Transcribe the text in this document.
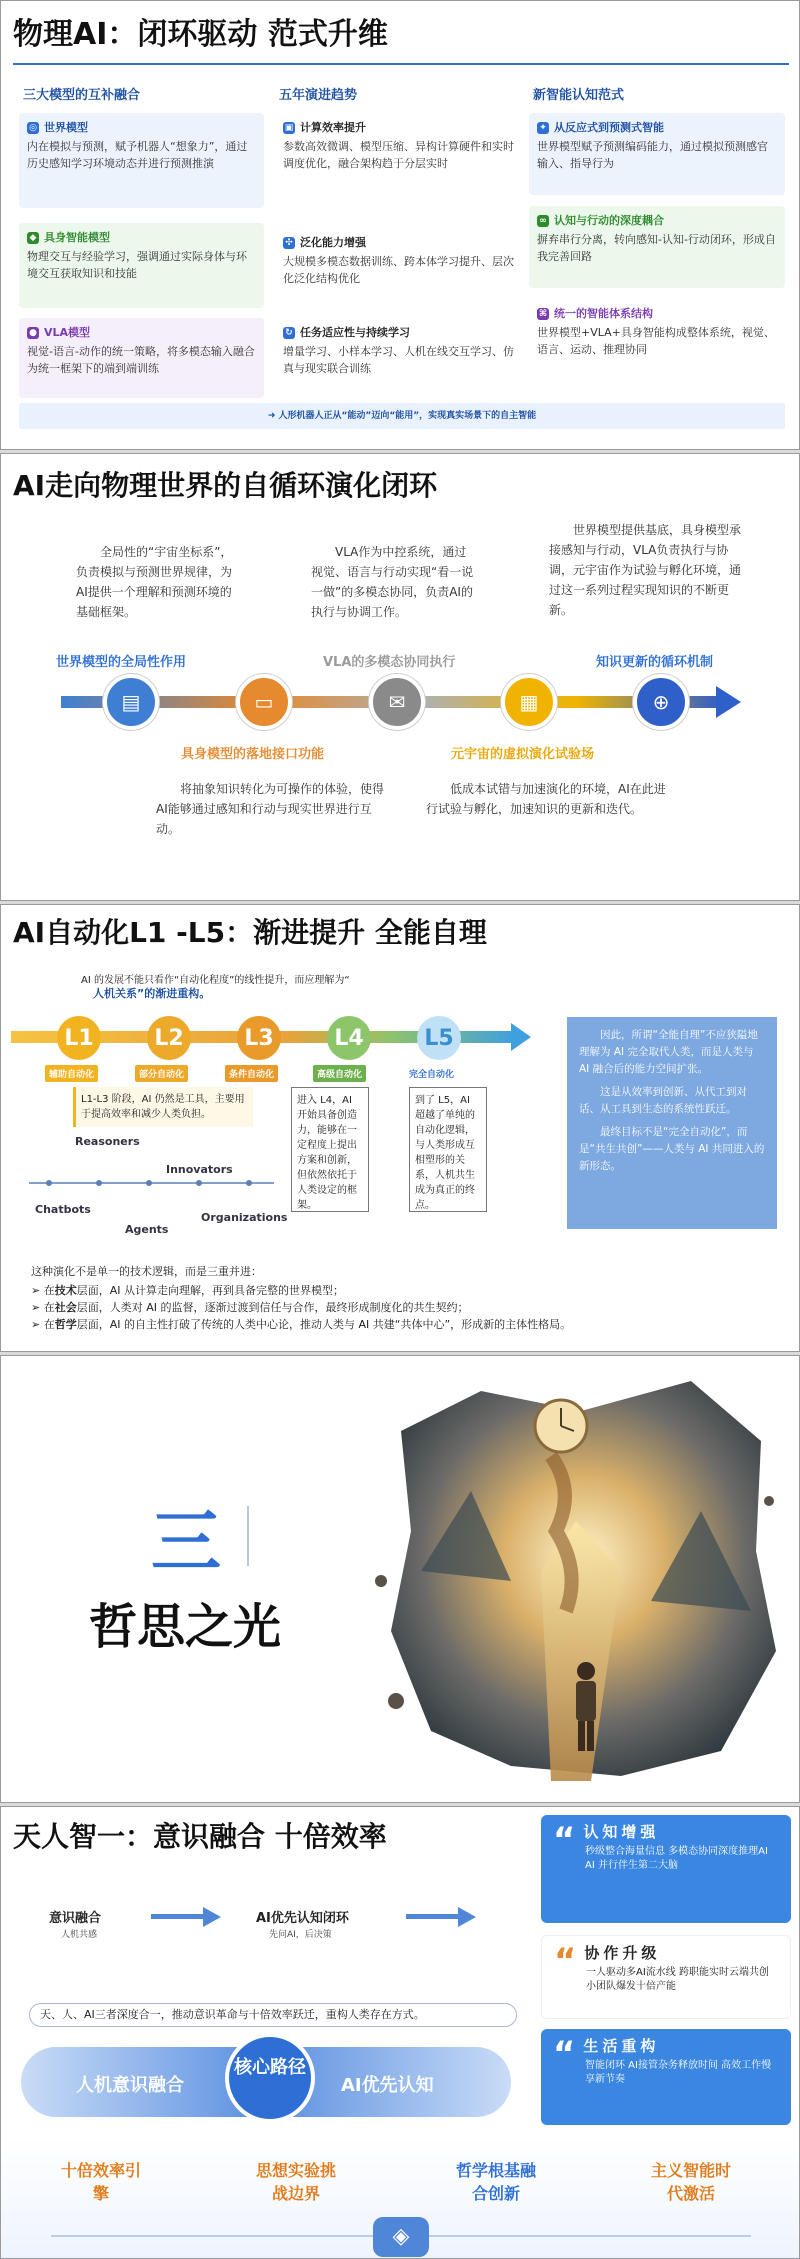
物理AI：闭环驱动 范式升维
三大模型的互补融合	五年演进趋势	新智能认知范式
◎ 世界模型
内在模拟与预测，赋予机器人“想象力”，通过历史感知学习环境动态并进行预测推演
◆ 具身智能模型
物理交互与经验学习，强调通过实际身体与环境交互获取知识和技能
● VLA模型
视觉-语言-动作的统一策略，将多模态输入融合为统一框架下的端到端训练
▣ 计算效率提升
参数高效微调、模型压缩、异构计算硬件和实时调度优化，融合架构趋于分层实时
✣ 泛化能力增强
大规模多模态数据训练、跨本体学习提升、层次化泛化结构优化
↻ 任务适应性与持续学习
增量学习、小样本学习、人机在线交互学习、仿真与现实联合训练
✦ 从反应式到预测式智能
世界模型赋予预测编码能力，通过模拟预测感官输入、指导行为
∞ 认知与行动的深度耦合
摒弃串行分离，转向感知-认知-行动闭环，形成自我完善回路
⌘ 统一的智能体系结构
世界模型+VLA+具身智能构成整体系统，视觉、语言、运动、推理协同
➜ 人形机器人正从“能动”迈向“能用”，实现真实场景下的自主智能
AI走向物理世界的自循环演化闭环
全局性的“宇宙坐标系”，负责模拟与预测世界规律，为AI提供一个理解和预测环境的基础框架。
VLA作为中控系统，通过视觉、语言与行动实现“看一说一做”的多模态协同，负责AI的执行与协调工作。
世界模型提供基底，具身模型承接感知与行动，VLA负责执行与协调，元宇宙作为试验与孵化环境，通过这一系列过程实现知识的不断更新。
世界模型的全局性作用	VLA的多模态协同执行	知识更新的循环机制
▤	▭	✉	▦	⊕
具身模型的落地接口功能	元宇宙的虚拟演化试验场
将抽象知识转化为可操作的体验，使得AI能够通过感知和行动与现实世界进行互动。
低成本试错与加速演化的环境，AI在此进行试验与孵化，加速知识的更新和迭代。
AI自动化L1 -L5：渐进提升 全能自理
AI 的发展不能只看作“自动化程度”的线性提升，而应理解为“
人机关系”的渐进重构。
L1	L2	L3	L4	L5
辅助自动化	部分自动化	条件自动化	高级自动化	完全自动化
L1-L3 阶段，AI 仍然是工具，主要用于提高效率和减少人类负担。
进入 L4，AI 开始具备创造力，能够在一定程度上提出方案和创新，但依然依托于人类设定的框架。
到了 L5，AI 超越了单纯的自动化逻辑，与人类形成互相塑形的关系，人机共生成为真正的终点。
Reasoners
Innovators
Chatbots
Agents
Organizations

因此，所谓“全能自理”不应狭隘地理解为 AI 完全取代人类，而是人类与 AI 融合后的能力空间扩张。

这是从效率到创新、从代工到对话、从工具到生态的系统性跃迁。

最终目标不是“完全自动化”，而是“共生共创”——人类与 AI 共同进入的新形态。

这种演化不是单一的技术逻辑，而是三重并进：
➢ 在技术层面，AI 从计算走向理解，再到具备完整的世界模型；
➢ 在社会层面，人类对 AI 的监督，逐渐过渡到信任与合作，最终形成制度化的共生契约；
➢ 在哲学层面，AI 的自主性打破了传统的人类中心论，推动人类与 AI 共建“共体中心”，形成新的主体性格局。
三
哲思之光
天人智一：意识融合 十倍效率
意识融合
人机共感
AI优先认知闭环
先问AI，后决策
天、人、AI三者深度合一，推动意识革命与十倍效率跃迁，重构人类存在方式。
人机意识融合
核心路径
AI优先认知
“ 认知增强
秒级整合海量信息 多模态协同深度推理AI AI 并行伴生第二大脑
“ 协作升级
一人驱动多AI流水线 跨职能实时云端共创 小团队爆发十倍产能
“ 生活重构
智能闭环 AI接管杂务释放时间 高效工作慢享新节奏
十倍效率引擎
思想实验挑战边界
哲学根基融合创新
主义智能时代激活
◈
